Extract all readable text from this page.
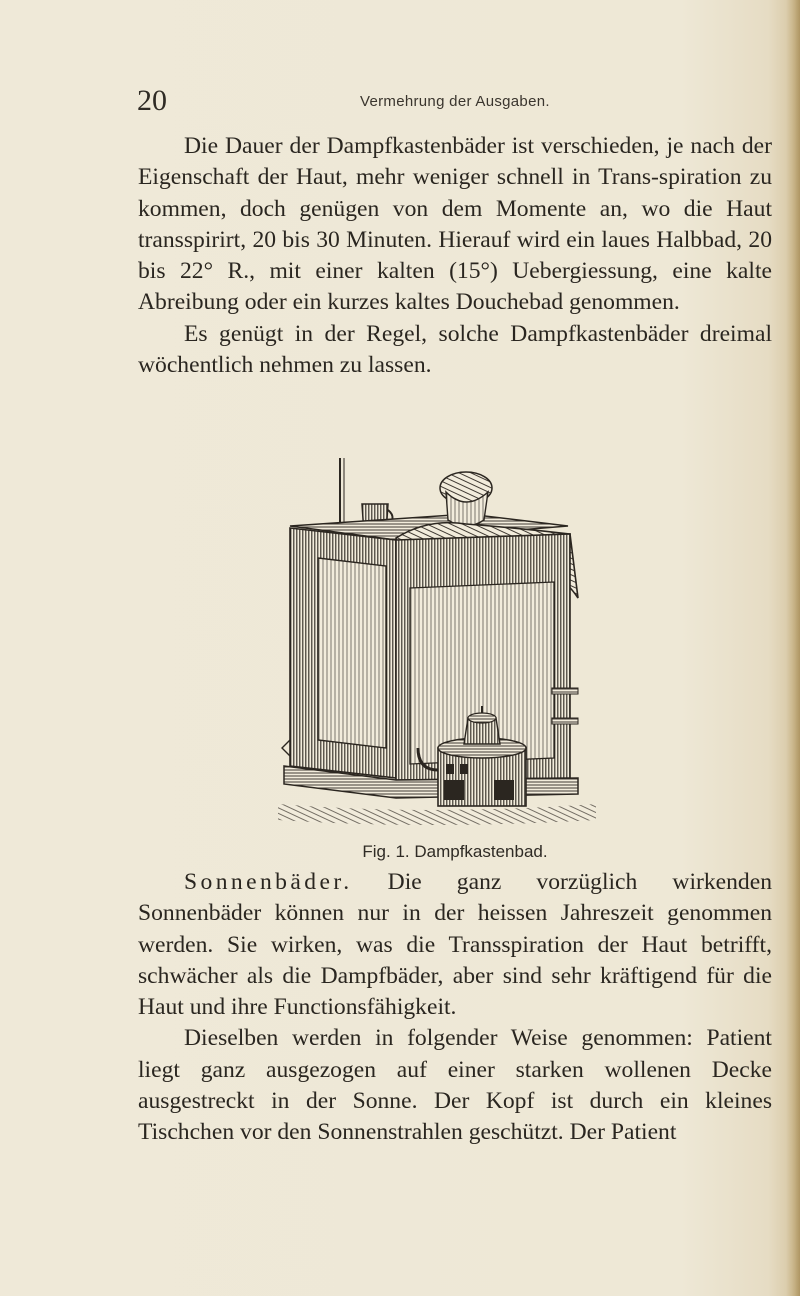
20	Vermehrung der Ausgaben.

Die Dauer der Dampfkastenbäder ist verschieden, je nach der Eigenschaft der Haut, mehr weniger schnell in Trans-spiration zu kommen, doch genügen von dem Momente an, wo die Haut transspirirt, 20 bis 30 Minuten. Hierauf wird ein laues Halbbad, 20 bis 22° R., mit einer kalten (15°) Uebergiessung, eine kalte Abreibung oder ein kurzes kaltes Douchebad genommen.

Es genügt in der Regel, solche Dampfkastenbäder dreimal wöchentlich nehmen zu lassen.

Fig. 1. Dampfkastenbad.

Sonnenbäder. Die ganz vorzüglich wirkenden Sonnenbäder können nur in der heissen Jahreszeit genommen werden. Sie wirken, was die Transspiration der Haut betrifft, schwächer als die Dampfbäder, aber sind sehr kräftigend für die Haut und ihre Functionsfähigkeit.

Dieselben werden in folgender Weise genommen: Patient liegt ganz ausgezogen auf einer starken wollenen Decke ausgestreckt in der Sonne. Der Kopf ist durch ein kleines Tischchen vor den Sonnenstrahlen geschützt. Der Patient
